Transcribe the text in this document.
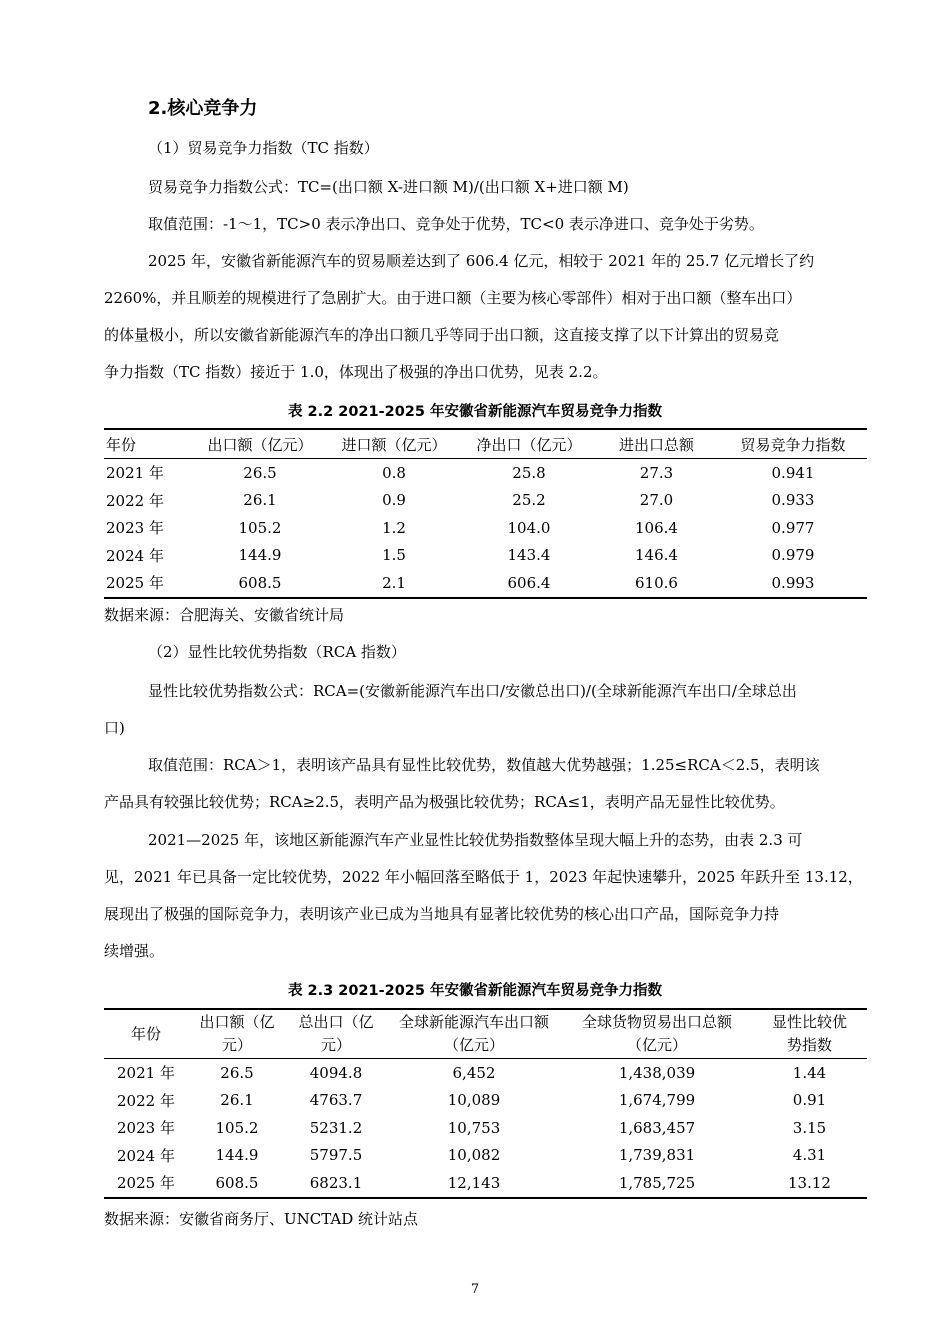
2.核心竞争力
（1）贸易竞争力指数（TC 指数）
贸易竞争力指数公式：TC=(出口额 X-进口额 M)/(出口额 X+进口额 M)
取值范围：-1～1，TC>0 表示净出口、竞争处于优势，TC<0 表示净进口、竞争处于劣势。
2025 年，安徽省新能源汽车的贸易顺差达到了 606.4 亿元，相较于 2021 年的 25.7 亿元增长了约
2260%，并且顺差的规模进行了急剧扩大。由于进口额（主要为核心零部件）相对于出口额（整车出口）
的体量极小，所以安徽省新能源汽车的净出口额几乎等同于出口额，这直接支撑了以下计算出的贸易竞
争力指数（TC 指数）接近于 1.0，体现出了极强的净出口优势，见表 2.2。
表 2.2 2021-2025 年安徽省新能源汽车贸易竞争力指数
年份	出口额（亿元）	进口额（亿元）	净出口（亿元）	进出口总额	贸易竞争力指数
2021 年	26.5	0.8	25.8	27.3	0.941
2022 年	26.1	0.9	25.2	27.0	0.933
2023 年	105.2	1.2	104.0	106.4	0.977
2024 年	144.9	1.5	143.4	146.4	0.979
2025 年	608.5	2.1	606.4	610.6	0.993
数据来源：合肥海关、安徽省统计局
（2）显性比较优势指数（RCA 指数）
显性比较优势指数公式：RCA=(安徽新能源汽车出口/安徽总出口)/(全球新能源汽车出口/全球总出
口)
取值范围：RCA＞1，表明该产品具有显性比较优势，数值越大优势越强；1.25≤RCA＜2.5，表明该
产品具有较强比较优势；RCA≥2.5，表明产品为极强比较优势；RCA≤1，表明产品无显性比较优势。
2021—2025 年，该地区新能源汽车产业显性比较优势指数整体呈现大幅上升的态势，由表 2.3 可
见，2021 年已具备一定比较优势，2022 年小幅回落至略低于 1，2023 年起快速攀升，2025 年跃升至 13.12，
展现出了极强的国际竞争力，表明该产业已成为当地具有显著比较优势的核心出口产品，国际竞争力持
续增强。
表 2.3 2021-2025 年安徽省新能源汽车贸易竞争力指数
年份	出口额（亿
元）	总出口（亿
元）	全球新能源汽车出口额
（亿元）	全球货物贸易出口总额
（亿元）	显性比较优
势指数
2021 年	26.5	4094.8	6,452	1,438,039	1.44
2022 年	26.1	4763.7	10,089	1,674,799	0.91
2023 年	105.2	5231.2	10,753	1,683,457	3.15
2024 年	144.9	5797.5	10,082	1,739,831	4.31
2025 年	608.5	6823.1	12,143	1,785,725	13.12
数据来源：安徽省商务厅、UNCTAD 统计站点
7
